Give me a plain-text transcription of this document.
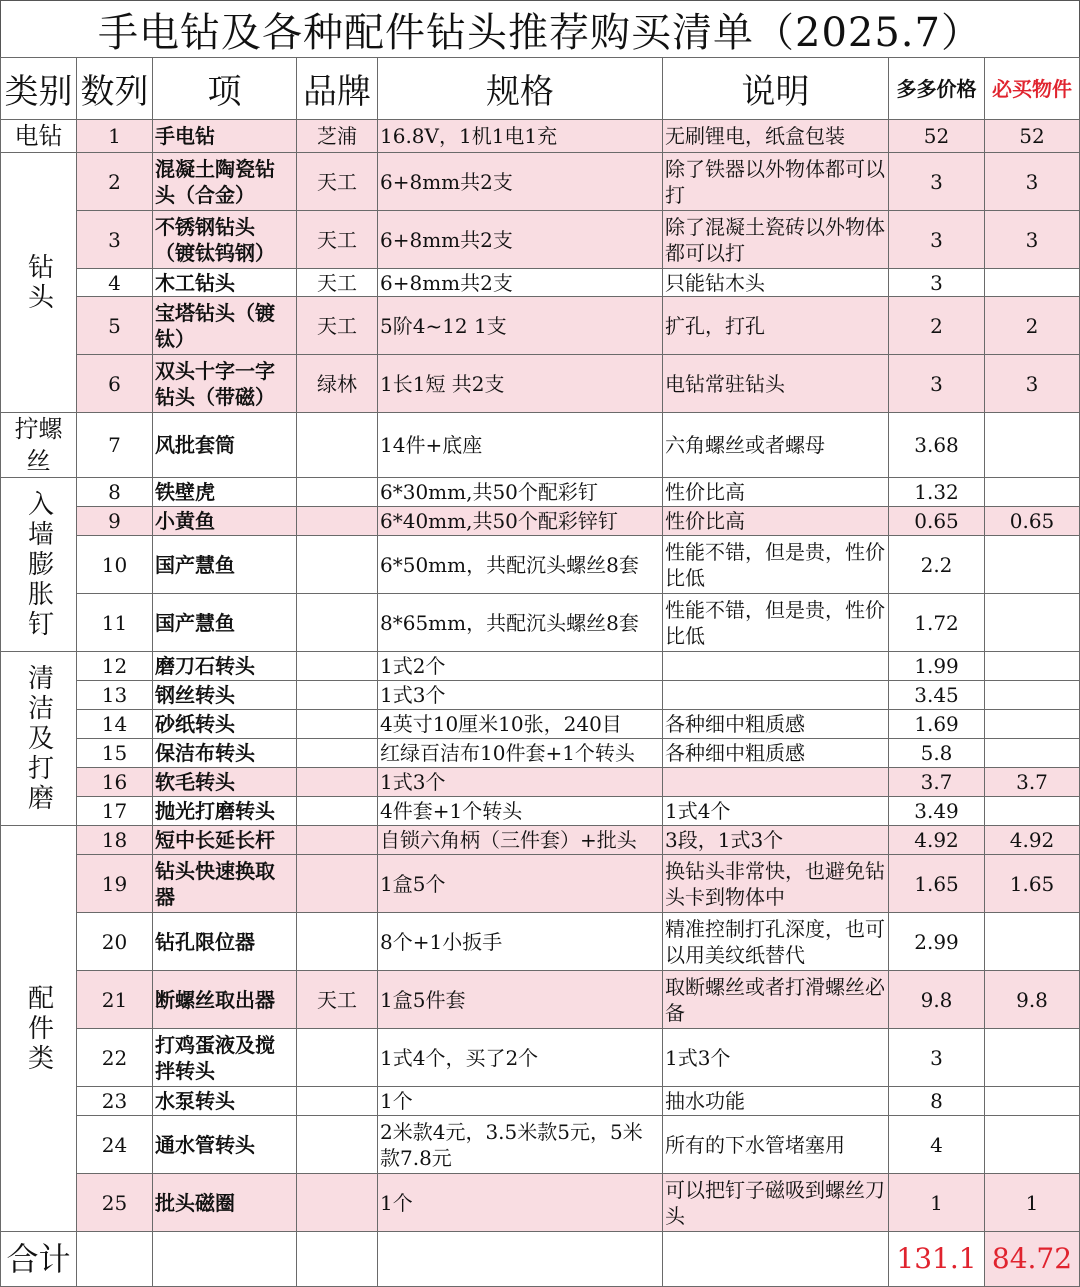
手电钻及各种配件钻头推荐购买清单（2025.7）
类别	数列	项	品牌	规格	说明	多多价格	必买物件
电钻	1	手电钻	芝浦	16.8V，1机1电1充	无刷锂电，纸盒包装	52	52
钻头	2	混凝土陶瓷钻头（合金）	天工	6+8mm共2支	除了铁器以外物体都可以打	3	3
	3	不锈钢钻头（镀钛钨钢）	天工	6+8mm共2支	除了混凝土瓷砖以外物体都可以打	3	3
	4	木工钻头	天工	6+8mm共2支	只能钻木头	3	
	5	宝塔钻头（镀钛）	天工	5阶4~12 1支	扩孔，打孔	2	2
	6	双头十字一字钻头（带磁）	绿林	1长1短 共2支	电钻常驻钻头	3	3
拧螺丝	7	风批套筒		14件+底座	六角螺丝或者螺母	3.68	
入墙膨胀钉	8	铁壁虎		6*30mm,共50个配彩钉	性价比高	1.32	
	9	小黄鱼		6*40mm,共50个配彩锌钉	性价比高	0.65	0.65
	10	国产慧鱼		6*50mm，共配沉头螺丝8套	性能不错，但是贵，性价比低	2.2	
	11	国产慧鱼		8*65mm，共配沉头螺丝8套	性能不错，但是贵，性价比低	1.72	
清洁及打磨	12	磨刀石转头		1式2个		1.99	
	13	钢丝转头		1式3个		3.45	
	14	砂纸转头		4英寸10厘米10张，240目	各种细中粗质感	1.69	
	15	保洁布转头		红绿百洁布10件套+1个转头	各种细中粗质感	5.8	
	16	软毛转头		1式3个		3.7	3.7
	17	抛光打磨转头		4件套+1个转头	1式4个	3.49	
配件类	18	短中长延长杆		自锁六角柄（三件套）+批头	3段，1式3个	4.92	4.92
	19	钻头快速换取器		1盒5个	换钻头非常快，也避免钻头卡到物体中	1.65	1.65
	20	钻孔限位器		8个+1小扳手	精准控制打孔深度，也可以用美纹纸替代	2.99	
	21	断螺丝取出器	天工	1盒5件套	取断螺丝或者打滑螺丝必备	9.8	9.8
	22	打鸡蛋液及搅拌转头		1式4个，买了2个	1式3个	3	
	23	水泵转头		1个	抽水功能	8	
	24	通水管转头		2米款4元，3.5米款5元，5米款7.8元	所有的下水管堵塞用	4	
	25	批头磁圈		1个	可以把钉子磁吸到螺丝刀头	1	1
合计						131.1	84.72
